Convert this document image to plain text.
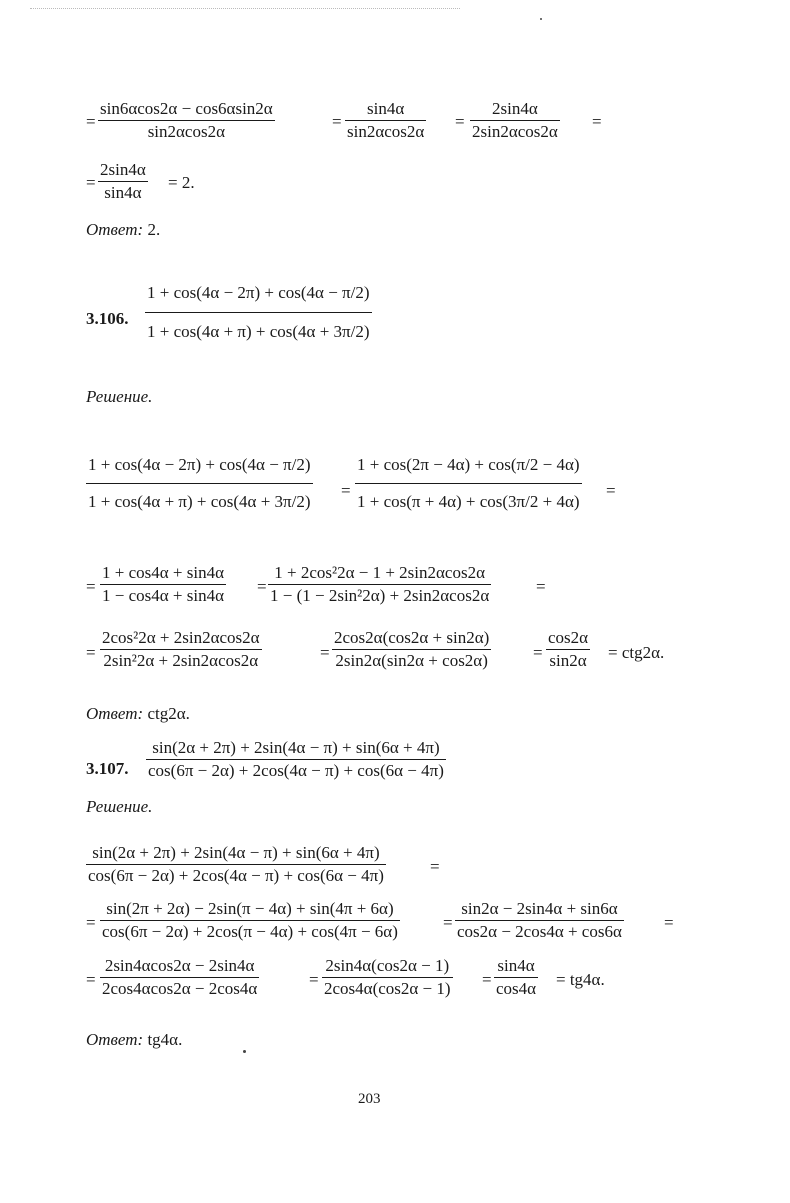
=
sin6αcos2α − cos6αsin2α
sin2αcos2α
=
sin4α
sin2αcos2α
=
2sin4α
2sin2αcos2α
=
=
2sin4α
sin4α
= 2.
Ответ: 2.
3.106.
1 + cos(4α − 2π) + cos(4α − π/2)
1 + cos(4α + π) + cos(4α + 3π/2)
Решение.
1 + cos(4α − 2π) + cos(4α − π/2)
1 + cos(4α + π) + cos(4α + 3π/2)
=
1 + cos(2π − 4α) + cos(π/2 − 4α)
1 + cos(π + 4α) + cos(3π/2 + 4α)
=
=
1 + cos4α + sin4α
1 − cos4α + sin4α =
1 + 2cos²2α − 1 + 2sin2αcos2α
1 − (1 − 2sin²2α) + 2sin2αcos2α	=
=
2cos²2α + 2sin2αcos2α
2sin²2α + 2sin2αcos2α	=
2cos2α(cos2α + sin2α)
2sin2α(sin2α + cos2α)	=
cos2α
sin2α = ctg2α.
Ответ: ctg2α.
3.107.
sin(2α + 2π) + 2sin(4α − π) + sin(6α + 4π)
cos(6π − 2α) + 2cos(4α − π) + cos(6α − 4π)
Решение.
sin(2α + 2π) + 2sin(4α − π) + sin(6α + 4π)
cos(6π − 2α) + 2cos(4α − π) + cos(6α − 4π)	=
=
sin(2π + 2α) − 2sin(π − 4α) + sin(4π + 6α)
cos(6π − 2α) + 2cos(π − 4α) + cos(4π − 6α)	=
sin2α − 2sin4α + sin6α
cos2α − 2cos4α + cos6α =
=
2sin4αcos2α − 2sin4α
2cos4αcos2α − 2cos4α	=
2sin4α(cos2α − 1)
2cos4α(cos2α − 1) =
sin4α
cos4α = tg4α.
Ответ: tg4α.
203
